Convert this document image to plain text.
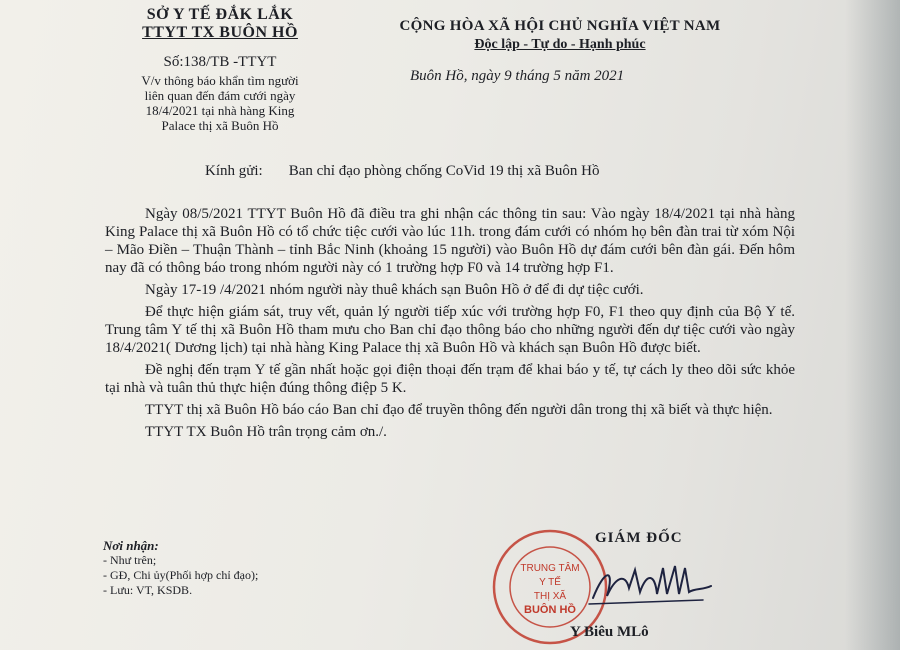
SỞ Y TẾ ĐẮK LẮK
TTYT TX BUÔN HỒ
Số:138/TB -TTYT
V/v thông báo khẩn tìm người
liên quan đến đám cưới ngày
18/4/2021 tại nhà hàng King
Palace thị xã Buôn Hồ
CỘNG HÒA XÃ HỘI CHỦ NGHĨA VIỆT NAM
Độc lập - Tự do - Hạnh phúc
Buôn Hồ, ngày 9 tháng 5 năm 2021
Kính gửi: Ban chỉ đạo phòng chống CoVid 19 thị xã Buôn Hồ

Ngày 08/5/2021 TTYT Buôn Hồ đã điều tra ghi nhận các thông tin sau: Vào ngày 18/4/2021 tại nhà hàng King Palace thị xã Buôn Hồ có tổ chức tiệc cưới vào lúc 11h. trong đám cưới có nhóm họ bên đàn trai từ xóm Nội – Mão Điền – Thuận Thành – tỉnh Bắc Ninh (khoảng 15 người) vào Buôn Hồ dự đám cưới bên đàn gái. Đến hôm nay đã có thông báo trong nhóm người này có 1 trường hợp F0 và 14 trường hợp F1.

Ngày 17-19 /4/2021 nhóm người này thuê khách sạn Buôn Hồ ở để đi dự tiệc cưới.

Để thực hiện giám sát, truy vết, quản lý người tiếp xúc với trường hợp F0, F1 theo quy định của Bộ Y tế. Trung tâm Y tế thị xã Buôn Hồ tham mưu cho Ban chỉ đạo thông báo cho những người đến dự tiệc cưới vào ngày 18/4/2021( Dương lịch) tại nhà hàng King Palace thị xã Buôn Hồ và khách sạn Buôn Hồ được biết.

Đề nghị đến trạm Y tế gần nhất hoặc gọi điện thoại đến trạm để khai báo y tế, tự cách ly theo dõi sức khỏe tại nhà và tuân thủ thực hiện đúng thông điệp 5 K.

TTYT thị xã Buôn Hồ báo cáo Ban chỉ đạo để truyền thông đến người dân trong thị xã biết và thực hiện.

TTYT TX Buôn Hồ trân trọng cảm ơn./.

Nơi nhận:
- Như trên;
- GĐ, Chi ủy(Phối hợp chỉ đạo);
- Lưu: VT, KSDB.
TRUNG TÂM
Y TẾ
THỊ XÃ
BUÔN HỒ
GIÁM ĐỐC
Y Biêu MLô
